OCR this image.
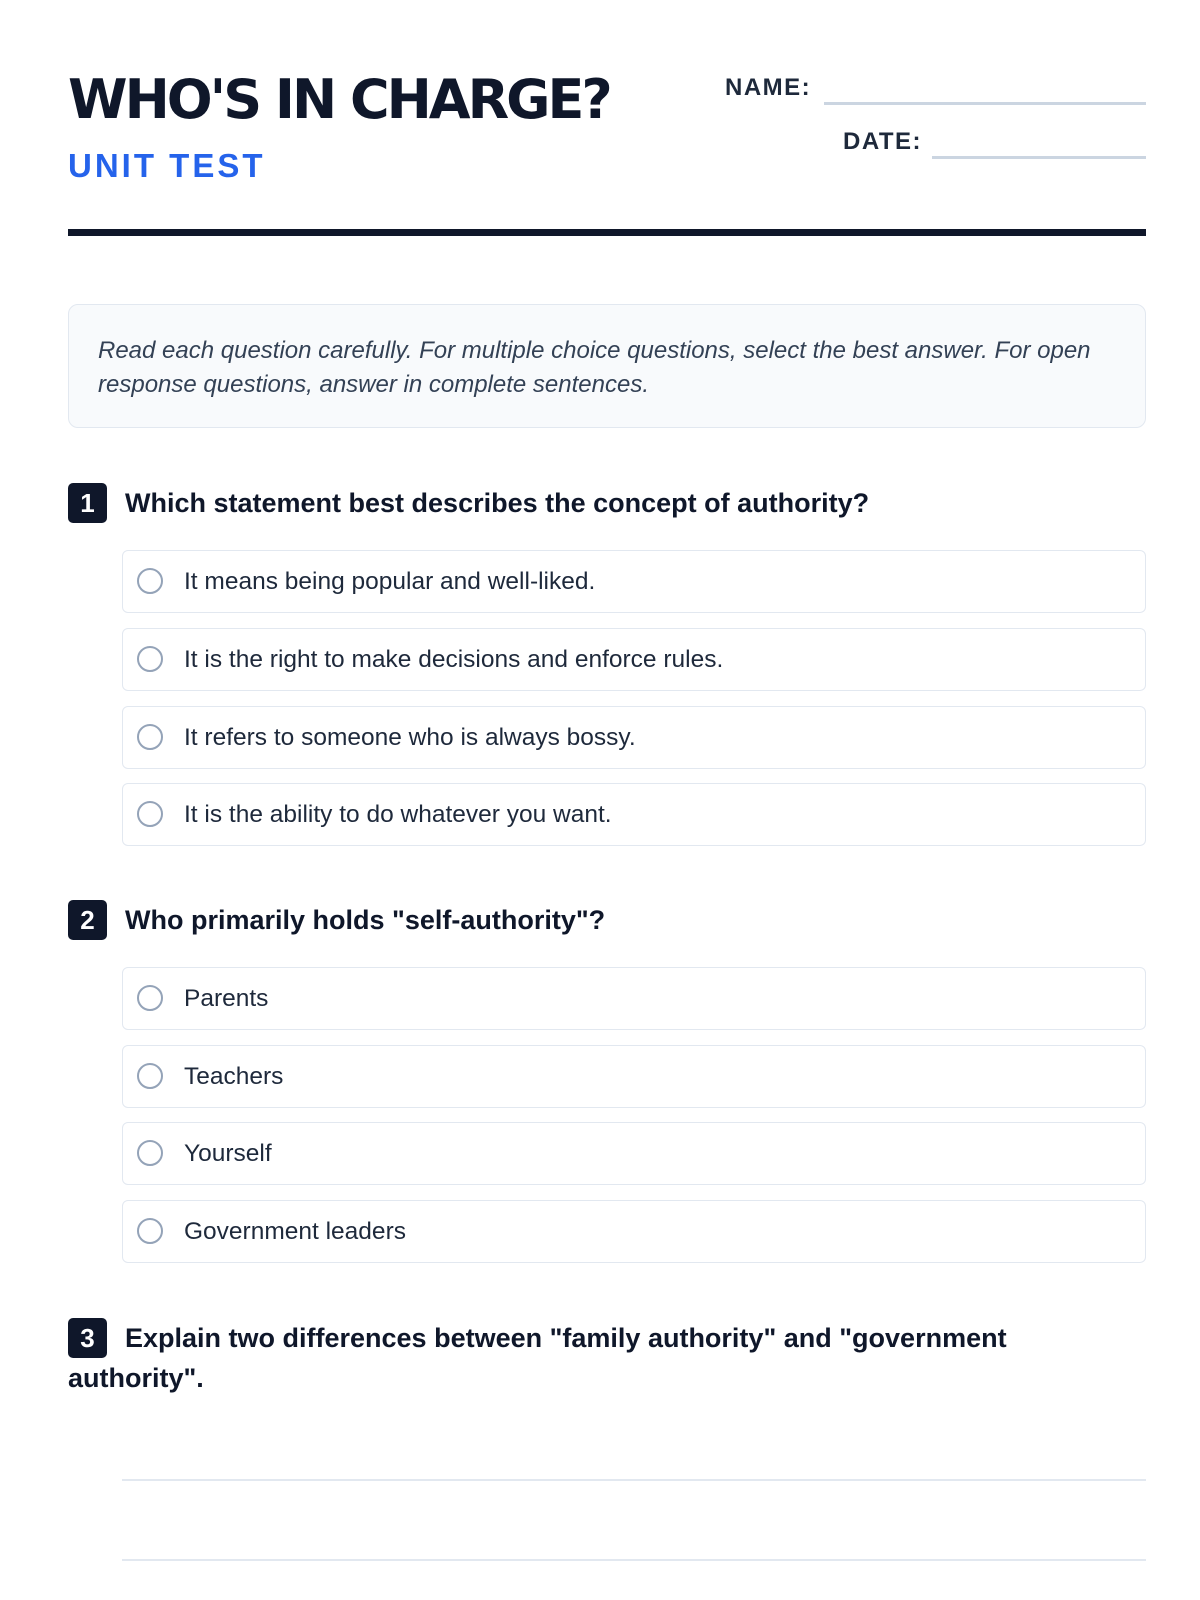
WHO'S IN CHARGE?
UNIT TEST
NAME:
DATE:
Read each question carefully. For multiple choice questions, select the best answer. For open response questions, answer in complete sentences.
1 Which statement best describes the concept of authority?
It means being popular and well-liked.
It is the right to make decisions and enforce rules.
It refers to someone who is always bossy.
It is the ability to do whatever you want.
2 Who primarily holds "self-authority"?
Parents
Teachers
Yourself
Government leaders
3 Explain two differences between "family authority" and "government authority".
